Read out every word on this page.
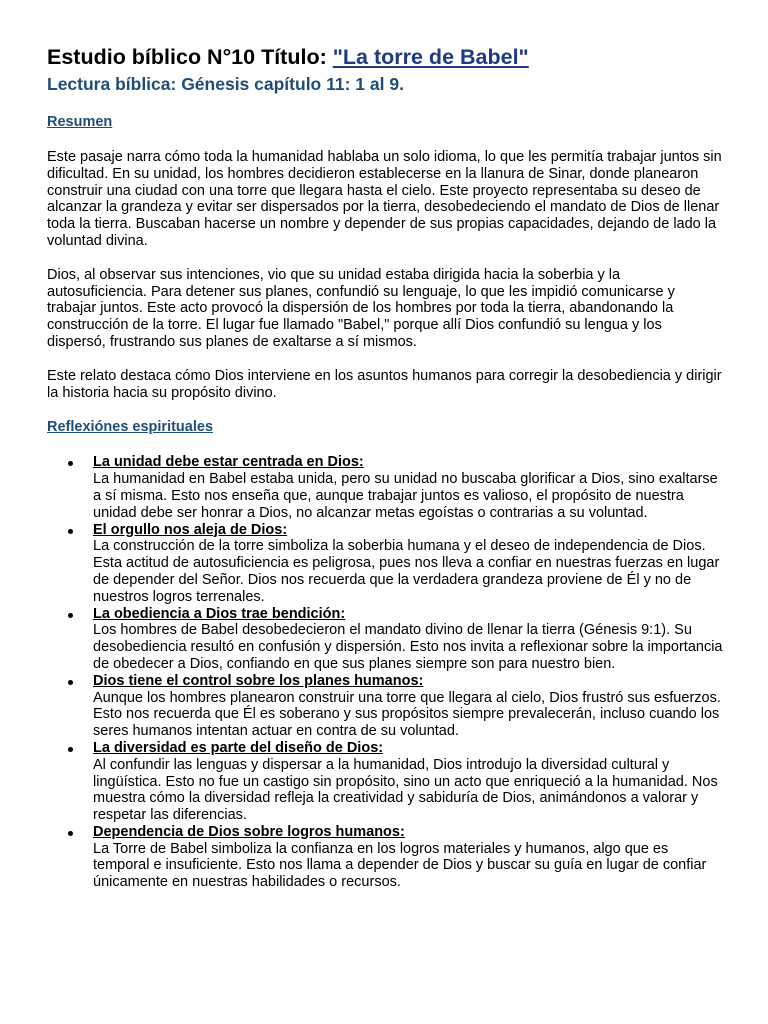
Estudio bíblico N°10 Título: "La torre de Babel"
Lectura bíblica: Génesis capítulo 11: 1 al 9.
Resumen

Este pasaje narra cómo toda la humanidad hablaba un solo idioma, lo que les permitía trabajar juntos sin dificultad. En su unidad, los hombres decidieron establecerse en la llanura de Sinar, donde planearon construir una ciudad con una torre que llegara hasta el cielo. Este proyecto representaba su deseo de alcanzar la grandeza y evitar ser dispersados por la tierra, desobedeciendo el mandato de Dios de llenar toda la tierra. Buscaban hacerse un nombre y depender de sus propias capacidades, dejando de lado la voluntad divina.

Dios, al observar sus intenciones, vio que su unidad estaba dirigida hacia la soberbia y la autosuficiencia. Para detener sus planes, confundió su lenguaje, lo que les impidió comunicarse y trabajar juntos. Este acto provocó la dispersión de los hombres por toda la tierra, abandonando la construcción de la torre. El lugar fue llamado "Babel," porque allí Dios confundió su lengua y los dispersó, frustrando sus planes de exaltarse a sí mismos.

Este relato destaca cómo Dios interviene en los asuntos humanos para corregir la desobediencia y dirigir la historia hacia su propósito divino.

Reflexiónes espirituales
La unidad debe estar centrada en Dios:
La humanidad en Babel estaba unida, pero su unidad no buscaba glorificar a Dios, sino exaltarse a sí misma. Esto nos enseña que, aunque trabajar juntos es valioso, el propósito de nuestra unidad debe ser honrar a Dios, no alcanzar metas egoístas o contrarias a su voluntad.
El orgullo nos aleja de Dios:
La construcción de la torre simboliza la soberbia humana y el deseo de independencia de Dios. Esta actitud de autosuficiencia es peligrosa, pues nos lleva a confiar en nuestras fuerzas en lugar de depender del Señor. Dios nos recuerda que la verdadera grandeza proviene de Él y no de nuestros logros terrenales.
La obediencia a Dios trae bendición:
Los hombres de Babel desobedecieron el mandato divino de llenar la tierra (Génesis 9:1). Su desobediencia resultó en confusión y dispersión. Esto nos invita a reflexionar sobre la importancia de obedecer a Dios, confiando en que sus planes siempre son para nuestro bien.
Dios tiene el control sobre los planes humanos:
Aunque los hombres planearon construir una torre que llegara al cielo, Dios frustró sus esfuerzos. Esto nos recuerda que Él es soberano y sus propósitos siempre prevalecerán, incluso cuando los seres humanos intentan actuar en contra de su voluntad.
La diversidad es parte del diseño de Dios:
Al confundir las lenguas y dispersar a la humanidad, Dios introdujo la diversidad cultural y lingüística. Esto no fue un castigo sin propósito, sino un acto que enriqueció a la humanidad. Nos muestra cómo la diversidad refleja la creatividad y sabiduría de Dios, animándonos a valorar y respetar las diferencias.
Dependencia de Dios sobre logros humanos:
La Torre de Babel simboliza la confianza en los logros materiales y humanos, algo que es temporal e insuficiente. Esto nos llama a depender de Dios y buscar su guía en lugar de confiar únicamente en nuestras habilidades o recursos.
